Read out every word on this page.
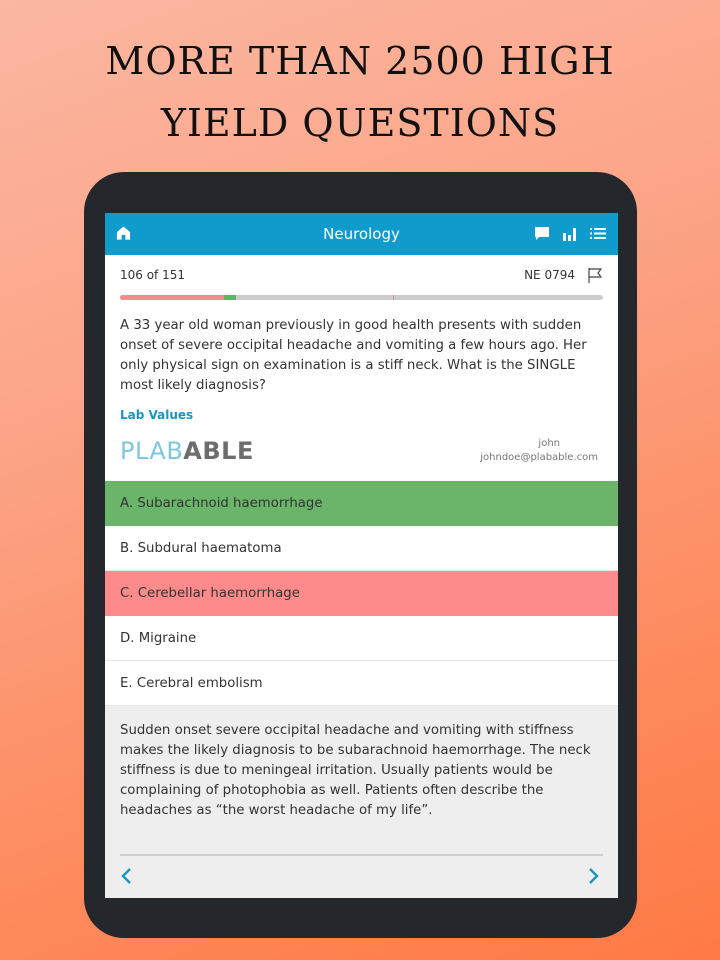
MORE THAN 2500 HIGH
YIELD QUESTIONS
Neurology
106 of 151	NE 0794
A 33 year old woman previously in good health presents with sudden onset of severe occipital headache and vomiting a few hours ago. Her only physical sign on examination is a stiff neck. What is the SINGLE most likely diagnosis?
Lab Values
PLABABLE	john
johndoe@plabable.com
A. Subarachnoid haemorrhage
B. Subdural haematoma
C. Cerebellar haemorrhage
D. Migraine
E. Cerebral embolism
Sudden onset severe occipital headache and vomiting with stiffness makes the likely diagnosis to be subarachnoid haemorrhage. The neck stiffness is due to meningeal irritation. Usually patients would be complaining of photophobia as well. Patients often describe the headaches as “the worst headache of my life”.
